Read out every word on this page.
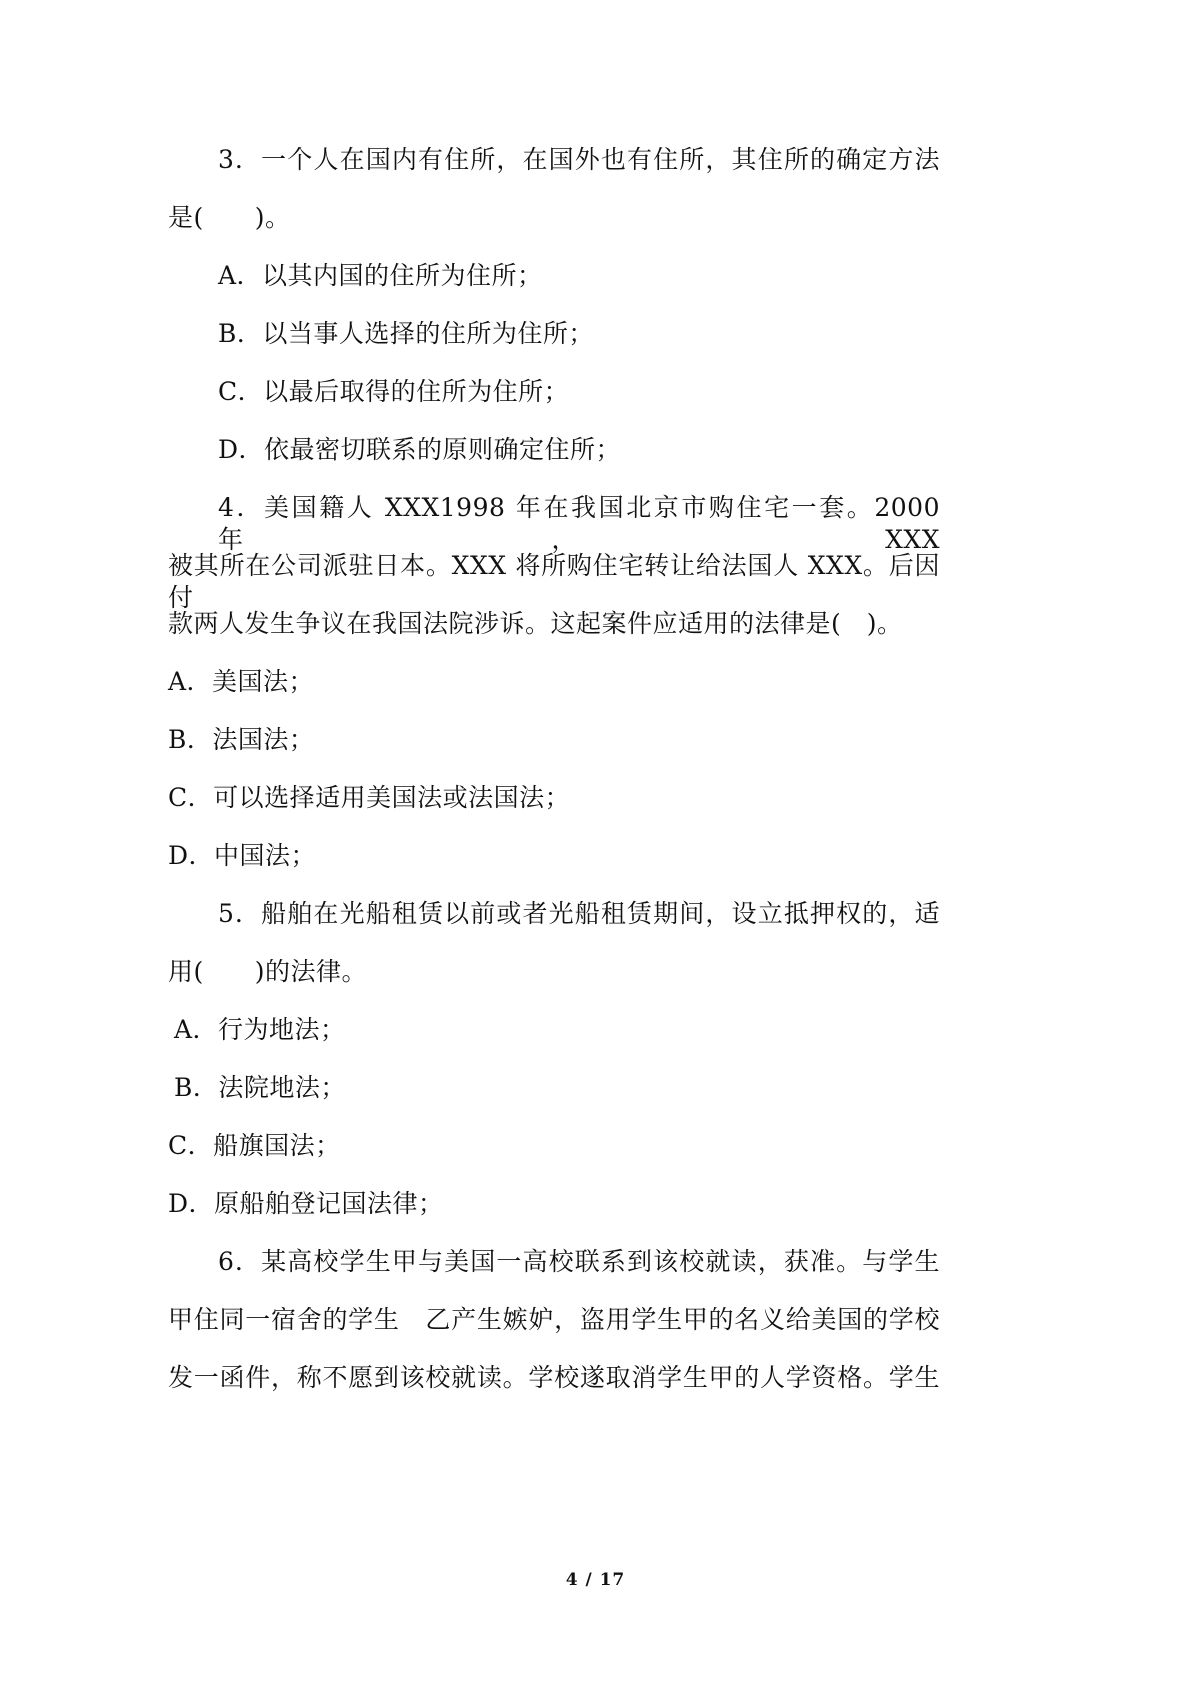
3．一个人在国内有住所，在国外也有住所，其住所的确定方法
是(　　)。
A．以其内国的住所为住所；
B．以当事人选择的住所为住所；
C．以最后取得的住所为住所；
D．依最密切联系的原则确定住所；
4．美国籍人 XXX1998 年在我国北京市购住宅一套。2000 年，XXX
被其所在公司派驻日本。XXX 将所购住宅转让给法国人 XXX。后因付
款两人发生争议在我国法院涉诉。这起案件应适用的法律是(　)。
A．美国法；
B．法国法；
C．可以选择适用美国法或法国法；
D．中国法；
5．船舶在光船租赁以前或者光船租赁期间，设立抵押权的，适
用(　　)的法律。
A．行为地法；
B．法院地法；
C．船旗国法；
D．原船舶登记国法律；
6．某高校学生甲与美国一高校联系到该校就读，获准。与学生
甲住同一宿舍的学生　乙产生嫉妒，盗用学生甲的名义给美国的学校
发一函件，称不愿到该校就读。学校遂取消学生甲的人学资格。学生
4 / 17
